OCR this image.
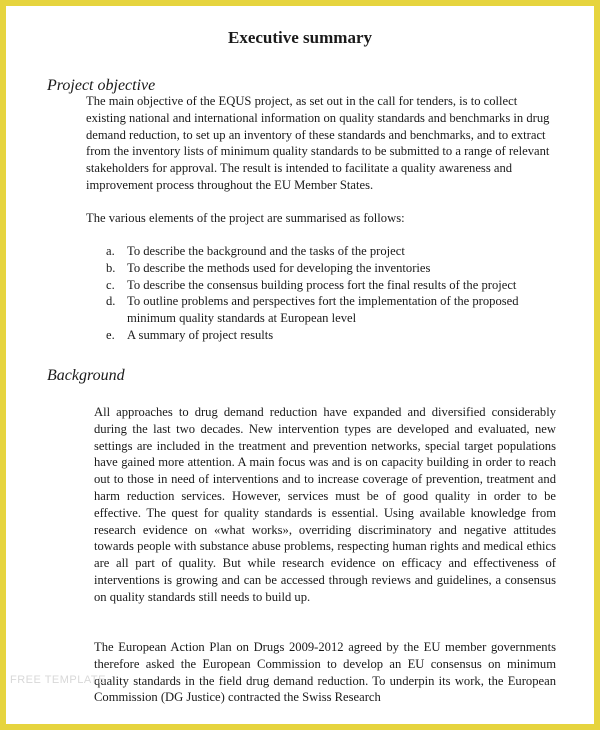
Executive summary
Project objective

The main objective of the EQUS project, as set out in the call for tenders, is to collect existing national and international information on quality standards and benchmarks in drug demand reduction, to set up an inventory of these standards and benchmarks, and to extract from the inventory lists of minimum quality standards to be submitted to a range of relevant stakeholders for approval. The result is intended to facilitate a quality awareness and improvement process throughout the EU Member States.

The various elements of the project are summarised as follows:

a. To describe the background and the tasks of the project
b. To describe the methods used for developing the inventories
c. To describe the consensus building process fort the final results of the project
d. To outline problems and perspectives fort the implementation of the proposed minimum quality standards at European level
e. A summary of project results
Background

All approaches to drug demand reduction have expanded and diversified considerably during the last two decades. New intervention types are developed and evaluated, new settings are included in the treatment and prevention networks, special target populations have gained more attention. A main focus was and is on capacity building in order to reach out to those in need of interventions and to increase coverage of prevention, treatment and harm reduction services. However, services must be of good quality in order to be effective. The quest for quality standards is essential. Using available knowledge from research evidence on «what works», overriding discriminatory and negative attitudes towards people with substance abuse problems, respecting human rights and medical ethics are all part of quality. But while research evidence on efficacy and effectiveness of interventions is growing and can be accessed through reviews and guidelines, a consensus on quality standards still needs to build up.

The European Action Plan on Drugs 2009-2012 agreed by the EU member governments therefore asked the European Commission to develop an EU consensus on minimum quality standards in the field drug demand reduction. To underpin its work, the European Commission (DG Justice) contracted the Swiss Research

FREE TEMPLATE
